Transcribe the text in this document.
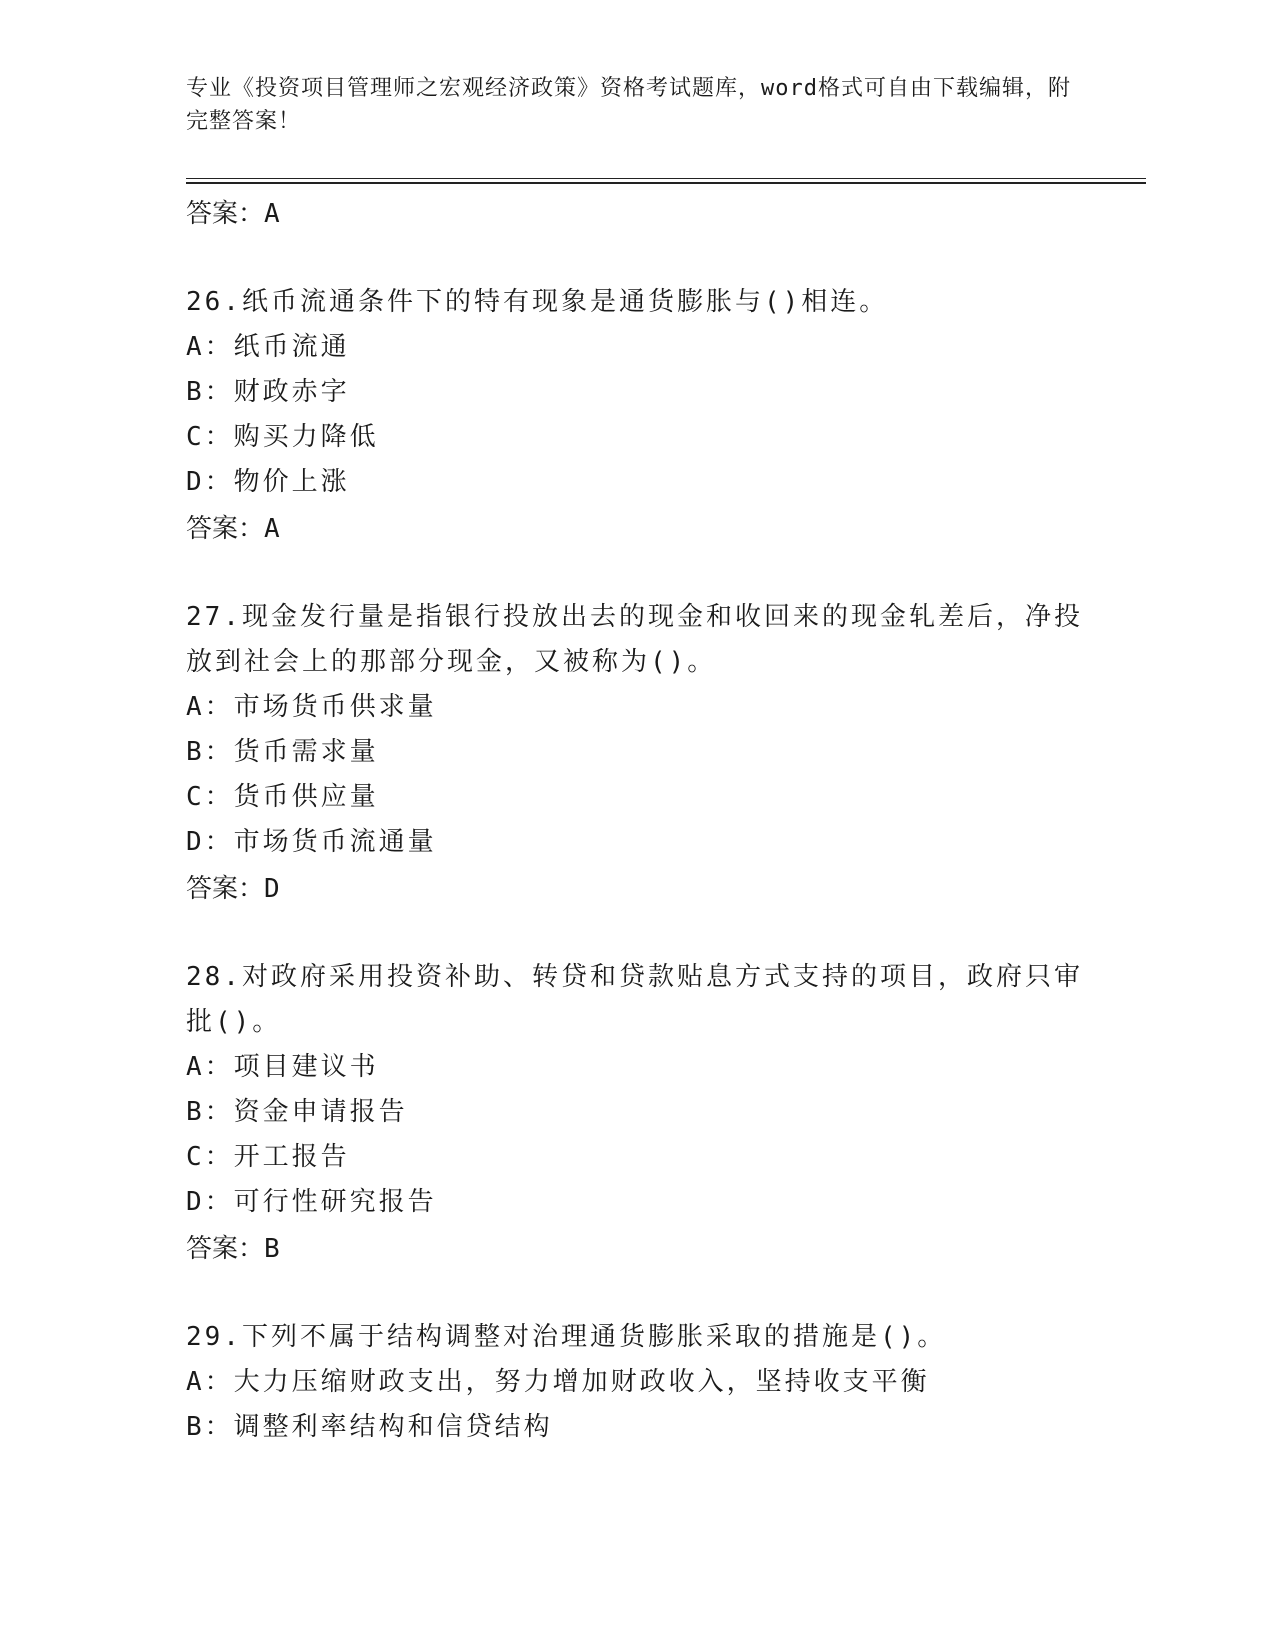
专业《投资项目管理师之宏观经济政策》资格考试题库，word格式可自由下载编辑，附完整答案！
答案：A
26.纸币流通条件下的特有现象是通货膨胀与()相连。
A：纸币流通
B：财政赤字
C：购买力降低
D：物价上涨
答案：A
27.现金发行量是指银行投放出去的现金和收回来的现金轧差后，净投放到社会上的那部分现金，又被称为()。
A：市场货币供求量
B：货币需求量
C：货币供应量
D：市场货币流通量
答案：D
28.对政府采用投资补助、转贷和贷款贴息方式支持的项目，政府只审批()。
A：项目建议书
B：资金申请报告
C：开工报告
D：可行性研究报告
答案：B
29.下列不属于结构调整对治理通货膨胀采取的措施是()。
A：大力压缩财政支出，努力增加财政收入，坚持收支平衡
B：调整利率结构和信贷结构
